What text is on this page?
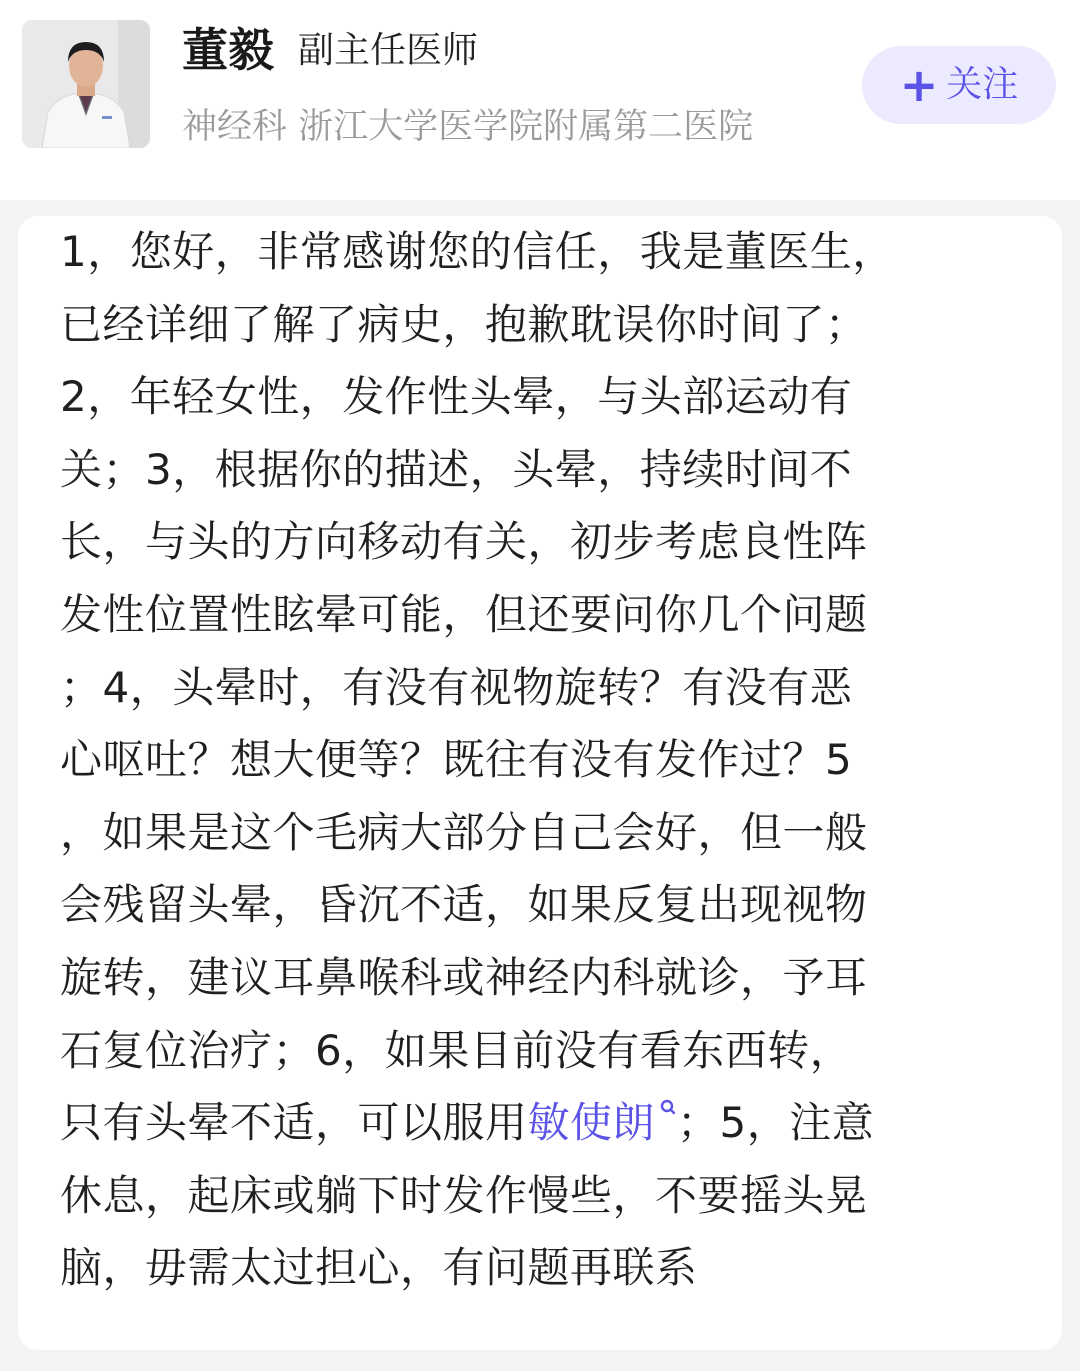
董毅 副主任医师
神经科 浙江大学医学院附属第二医院
+ 关注
1，您好，非常感谢您的信任，我是董医生，
已经详细了解了病史，抱歉耽误你时间了；
2，年轻女性，发作性头晕，与头部运动有
关；3，根据你的描述，头晕，持续时间不
长，与头的方向移动有关，初步考虑良性阵
发性位置性眩晕可能，但还要问你几个问题
；4，头晕时，有没有视物旋转？有没有恶
心呕吐？想大便等？既往有没有发作过？5
，如果是这个毛病大部分自己会好，但一般
会残留头晕，昏沉不适，如果反复出现视物
旋转，建议耳鼻喉科或神经内科就诊，予耳
石复位治疗；6，如果目前没有看东西转，
只有头晕不适，可以服用敏使朗 ；5，注意
休息，起床或躺下时发作慢些，不要摇头晃
脑，毋需太过担心，有问题再联系
